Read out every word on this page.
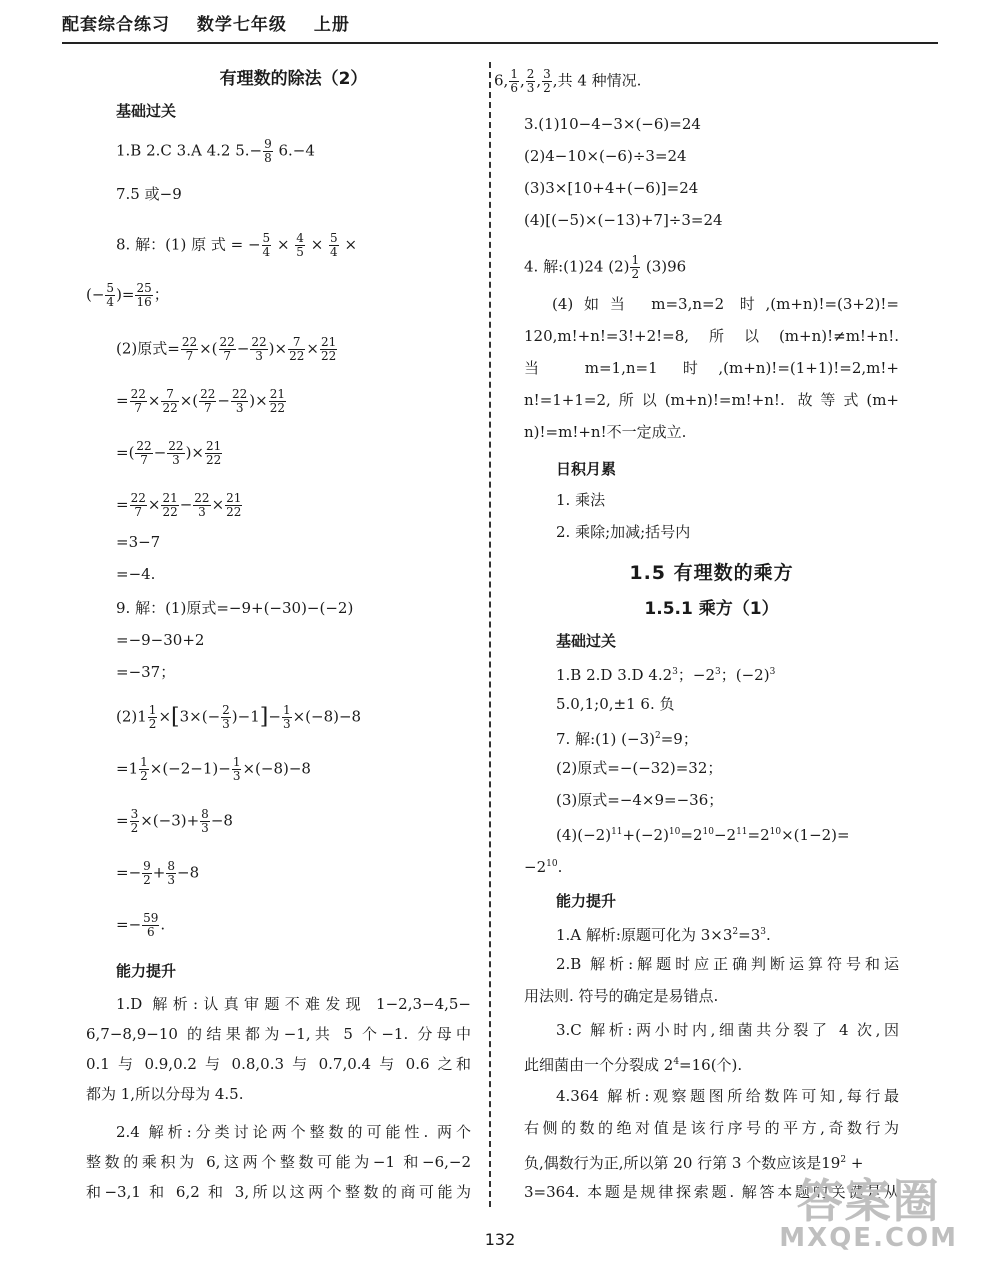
配套综合练习 数学七年级 上册
有理数的除法（2）
基础过关
1.B 2.C 3.A 4.2 $5.- \frac{9}{8} 6.-4$
7.5 或−9
8. 解：(1) 原 式 = − $\frac{5}{4} \times \frac{4}{5} \times \frac{5}{4}$ ×
(− $\frac{5}{4}$ )= $\frac{25}{16}$ ；
(2)原式= $\frac{22}{7}$ ×( $\frac{22}{7} - \frac{22}{3}$ )× $\frac{7}{22} \times \frac{21}{22}$
= $\frac{22}{7} \times \frac{7}{22}$ ×( $\frac{22}{7} - \frac{22}{3}$ )× $\frac{21}{22}$
=( $\frac{22}{7} - \frac{22}{3}$ )× $\frac{21}{22}$
= $\frac{22}{7} \times \frac{21}{22} - \frac{22}{3} \times \frac{21}{22}$
=3−7
=−4.
9. 解：(1)原式=−9+(−30)−(−2)
=−9−30+2
=−37；
$(2)1 \frac{1}{2} \times[3\times(- \frac{2}{3} )-1]- \frac{1}{3} \times(-8)-8$
$=1 \frac{1}{2} \times(-2-1)- \frac{1}{3} \times(-8)-8$
= $\frac{3}{2} \times(-3)+ \frac{8}{3} -8$
=− $\frac{9}{2} + \frac{8}{3} -8$
=− $\frac{59}{6}$ .
能力提升
1.D 解析:认真审题不难发现 1−2,3−4,5−
6,7−8,9−10 的结果都为−1,共 5 个−1. 分母中
0.1 与 0.9,0.2 与 0.8,0.3 与 0.7,0.4 与 0.6 之和
都为 1,所以分母为 4.5.
2.4 解析:分类讨论两个整数的可能性. 两个
整数的乘积为 6,这两个整数可能为−1 和−6,−2
和−3,1 和 6,2 和 3,所以这两个整数的商可能为
6, $\frac{1}{6}$ , $\frac{2}{3}$ , $\frac{3}{2}$ ,共 4 种情况.
3.(1)10−4−3×(−6)=24
(2)4−10×(−6)÷3=24
(3)3×[10+4+(−6)]=24
(4)[(−5)×(−13)+7]÷3=24
4. 解:(1)24 $(2) \frac{1}{2} (3)96$
(4)如当 m=3,n=2 时,(m+n)!=(3+2)!=
120,m!+n!=3!+2!=8,所以(m+n)!≠m!+n!.
当 m=1,n=1 时,(m+n)!=(1+1)!=2,m!+
n!=1+1=2,所以(m+n)!=m!+n!. 故等式(m+
n)!=m!+n!不一定成立.
日积月累
1. 乘法
2. 乘除;加减;括号内
1.5 有理数的乘方
1.5.1 乘方（1）
基础过关
1.B 2.D 3.D $4.2^3$；$-2^3$；$(-2)^3$
5.0,1;0,±1 6. 负
7. 解:(1) $(-3)^2=9$；
(2)原式=−(−32)=32；
(3)原式=−4×9=−36；
$(4)(-2)^{11}+(-2)^{10}=2^{10}-2^{11}=2^{10}\times(1-2)=$
$-2^{10}$.
能力提升
1.A 解析:原题可化为 $3\times 3^2=3^3$.
2.B 解析:解题时应正确判断运算符号和运
用法则. 符号的确定是易错点.
3.C 解析:两小时内,细菌共分裂了 4 次,因
此细菌由一个分裂成 $2^4=16$(个).
4.364 解析:观察题图所给数阵可知,每行最
右侧的数的绝对值是该行序号的平方,奇数行为
负,偶数行为正,所以第 20 行第 3 个数应该是$19^2$ +
3=364. 本题是规律探索题. 解答本题的关键是从
132
答案圈
MXQE.COM
